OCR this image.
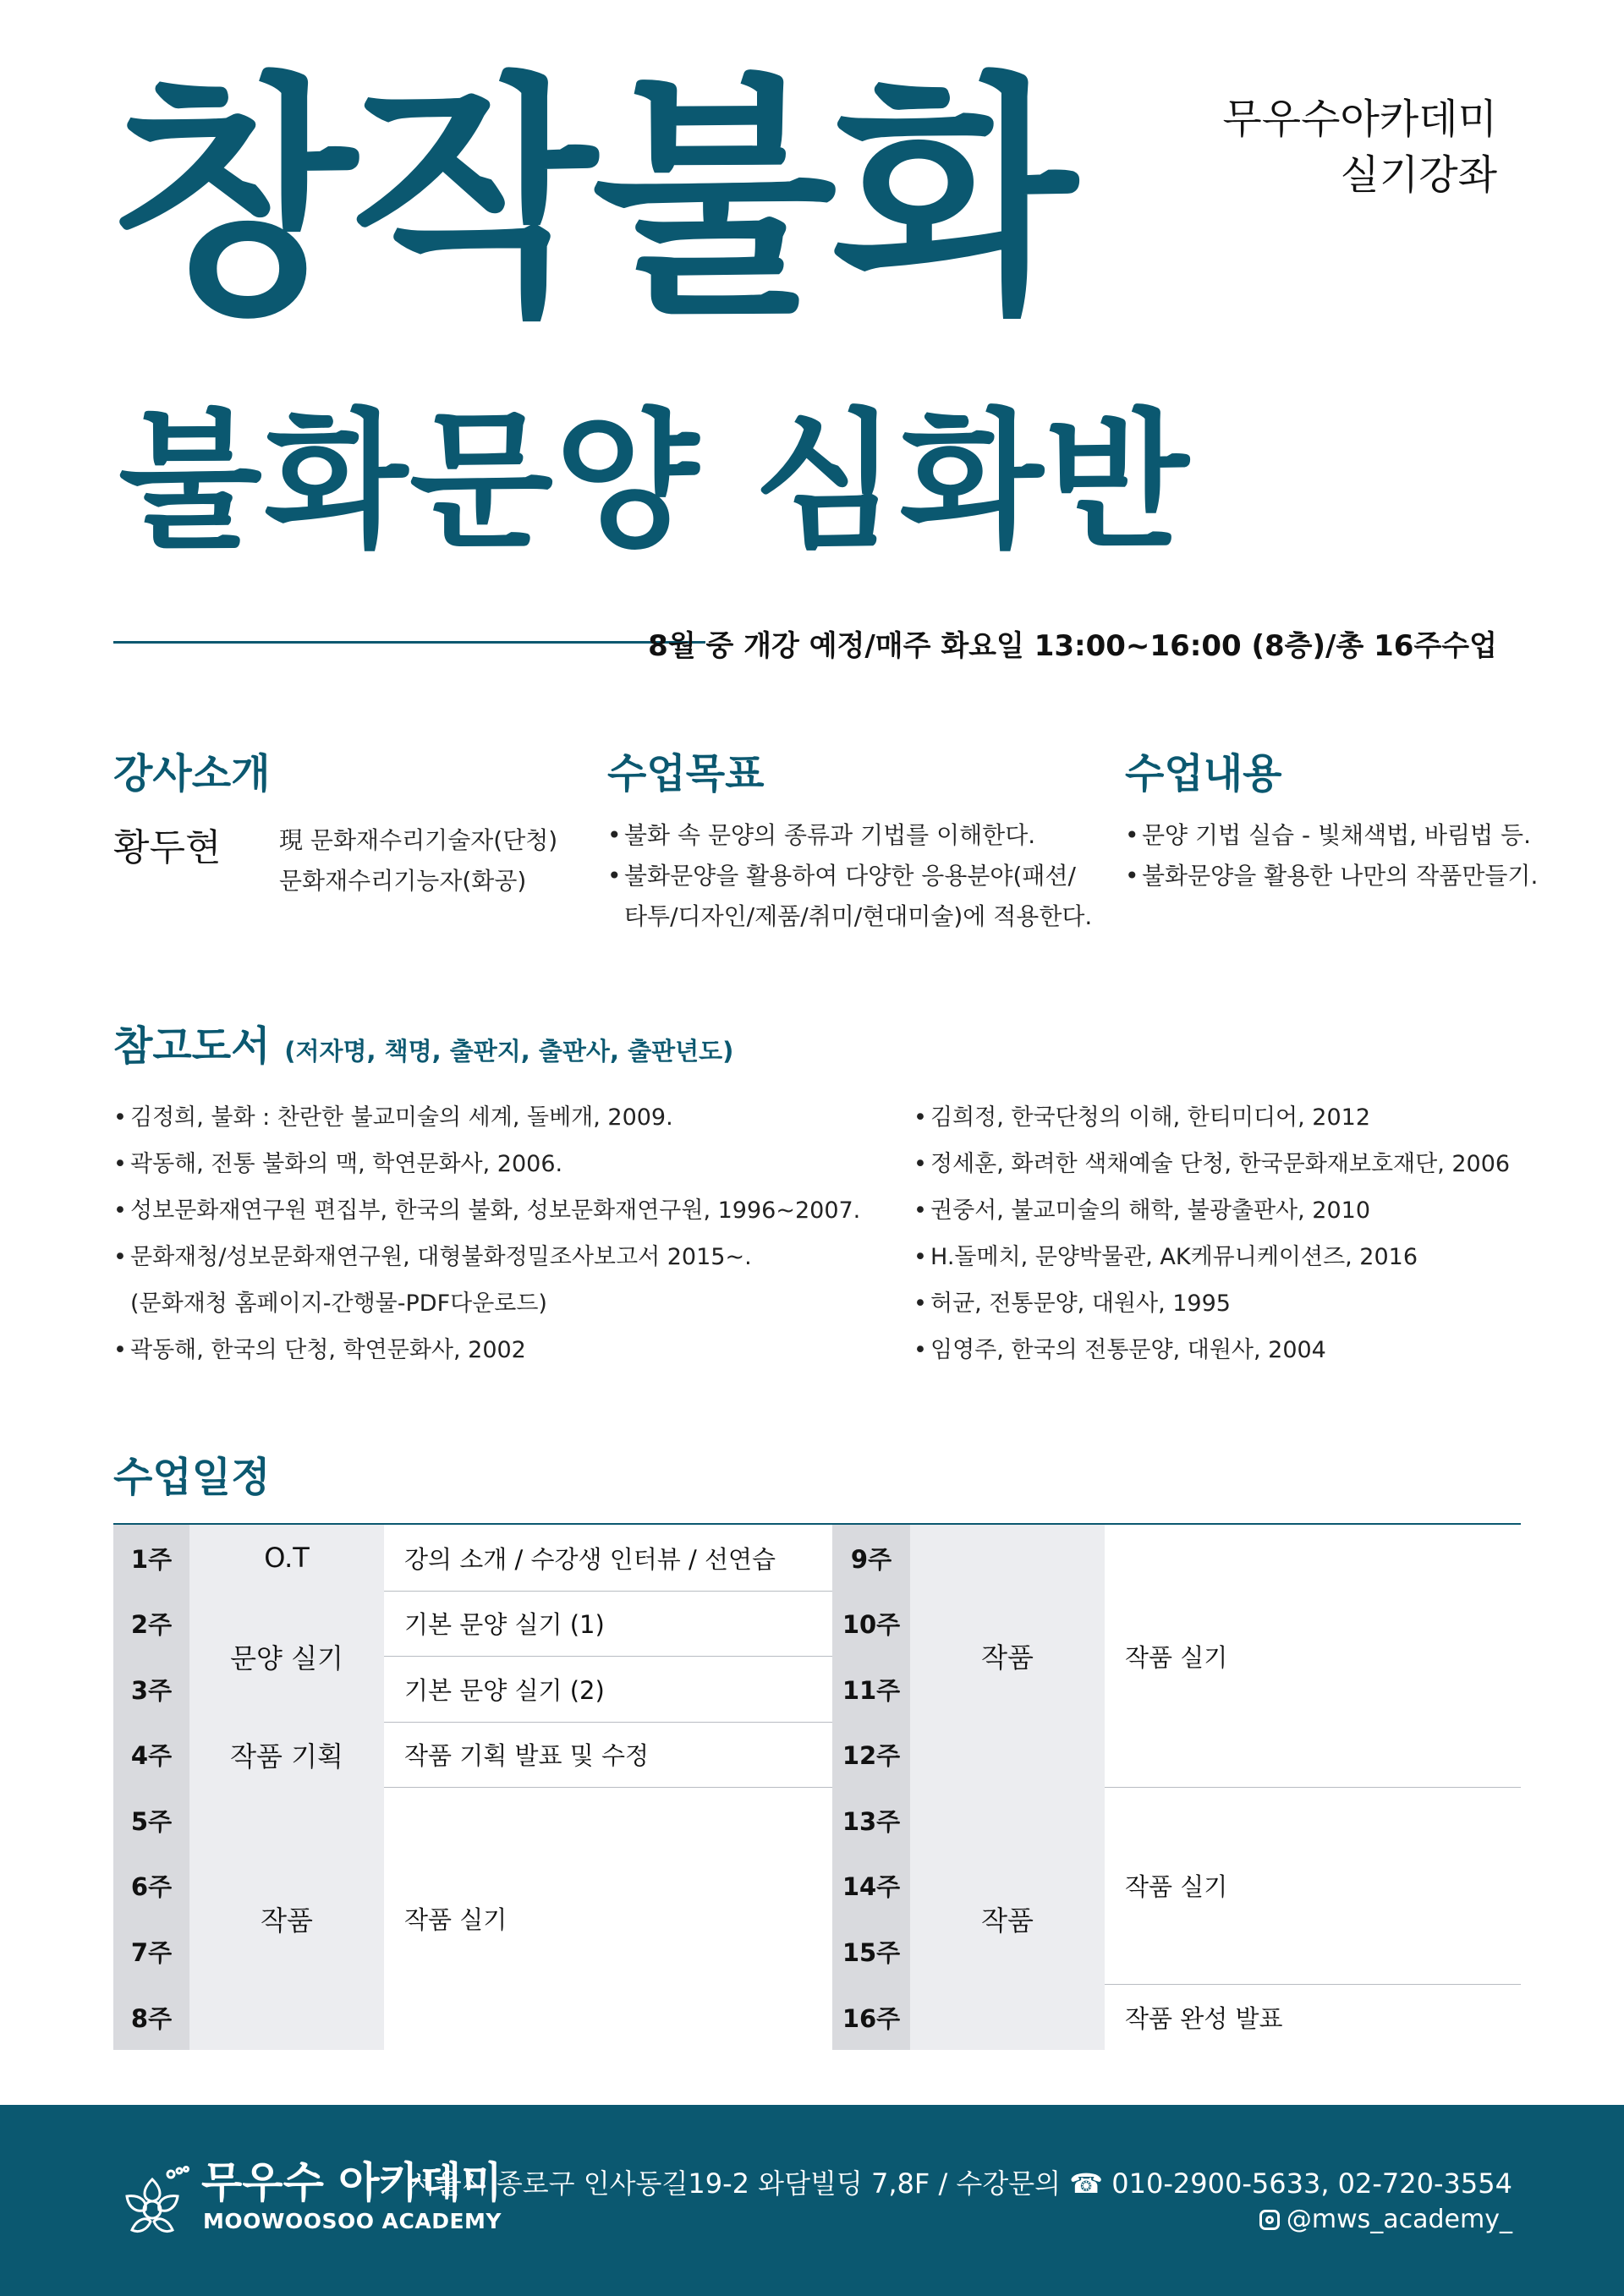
무우수아카데미
실기강좌
창작불화
불화문양 심화반
8월 중 개강 예정/매주 화요일 13:00~16:00 (8층)/총 16주수업
강사소개
황두현 現 문화재수리기술자(단청)
문화재수리기능자(화공)
수업목표
• 불화 속 문양의 종류과 기법를 이해한다.
• 불화문양을 활용하여 다양한 응용분야(패션/
타투/디자인/제품/취미/현대미술)에 적용한다.
수업내용
• 문양 기법 실습 - 빛채색법, 바림법 등.
• 불화문양을 활용한 나만의 작품만들기.
참고도서 (저자명, 책명, 출판지, 출판사, 출판년도)
• 김정희, 불화 : 찬란한 불교미술의 세계, 돌베개, 2009.
• 곽동해, 전통 불화의 맥, 학연문화사, 2006.
• 성보문화재연구원 편집부, 한국의 불화, 성보문화재연구원, 1996~2007.
• 문화재청/성보문화재연구원, 대형불화정밀조사보고서 2015~.
(문화재청 홈페이지-간행물-PDF다운로드)
• 곽동해, 한국의 단청, 학연문화사, 2002
• 김희정, 한국단청의 이해, 한티미디어, 2012
• 정세훈, 화려한 색채예술 단청, 한국문화재보호재단, 2006
• 권중서, 불교미술의 해학, 불광출판사, 2010
• H.돌메치, 문양박물관, AK케뮤니케이션즈, 2016
• 허균, 전통문양, 대원사, 1995
• 임영주, 한국의 전통문양, 대원사, 2004
수업일정
1주
2주
3주
4주
5주
6주
7주
8주
O.T
문양 실기
작품 기획
작품
강의 소개 / 수강생 인터뷰 / 선연습
기본 문양 실기 (1)
기본 문양 실기 (2)
작품 기획 발표 및 수정
작품 실기
9주
10주
11주
12주
13주
14주
15주
16주
작품
작품
작품 실기
작품 실기
작품 완성 발표
무우수 아카데미
MOOWOOSOO ACADEMY
서울시 종로구 인사동길19-2 와담빌딩 7,8F / 수강문의 ☎ 010-2900-5633, 02-720-3554
@mws_academy_
